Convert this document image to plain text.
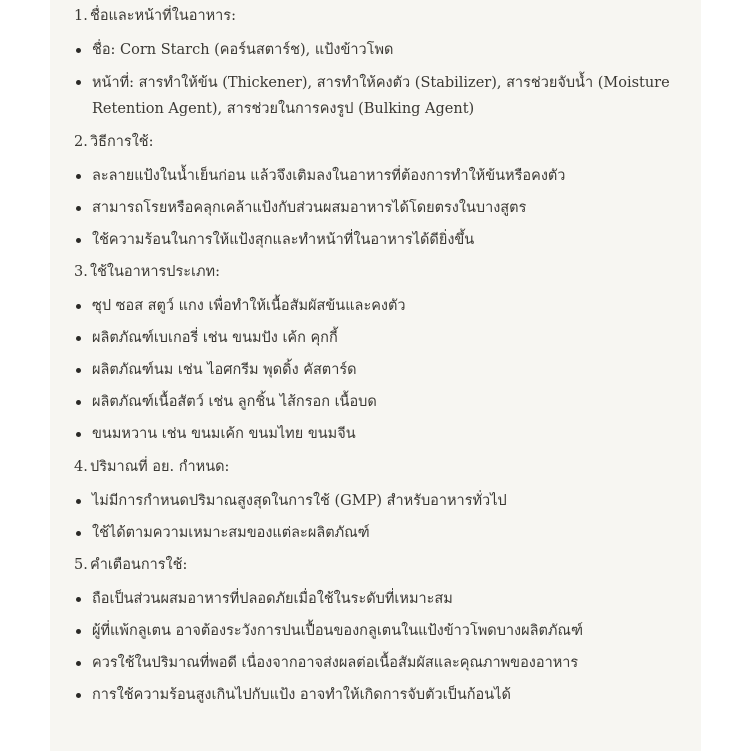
1. ชื่อและหน้าที่ในอาหาร:
ชื่อ: Corn Starch (คอร์นสตาร์ช), แป้งข้าวโพด
หน้าที่: สารทำให้ข้น (Thickener), สารทำให้คงตัว (Stabilizer), สารช่วยจับน้ำ (Moisture Retention Agent), สารช่วยในการคงรูป (Bulking Agent)
2. วิธีการใช้:
ละลายแป้งในน้ำเย็นก่อน แล้วจึงเติมลงในอาหารที่ต้องการทำให้ข้นหรือคงตัว
สามารถโรยหรือคลุกเคล้าแป้งกับส่วนผสมอาหารได้โดยตรงในบางสูตร
ใช้ความร้อนในการให้แป้งสุกและทำหน้าที่ในอาหารได้ดียิ่งขึ้น
3. ใช้ในอาหารประเภท:
ซุป ซอส สตูว์ แกง เพื่อทำให้เนื้อสัมผัสข้นและคงตัว
ผลิตภัณฑ์เบเกอรี่ เช่น ขนมปัง เค้ก คุกกี้
ผลิตภัณฑ์นม เช่น ไอศกรีม พุดดิ้ง คัสตาร์ด
ผลิตภัณฑ์เนื้อสัตว์ เช่น ลูกชิ้น ไส้กรอก เนื้อบด
ขนมหวาน เช่น ขนมเค้ก ขนมไทย ขนมจีน
4. ปริมาณที่ อย. กำหนด:
ไม่มีการกำหนดปริมาณสูงสุดในการใช้ (GMP) สำหรับอาหารทั่วไป
ใช้ได้ตามความเหมาะสมของแต่ละผลิตภัณฑ์
5. คำเตือนการใช้:
ถือเป็นส่วนผสมอาหารที่ปลอดภัยเมื่อใช้ในระดับที่เหมาะสม
ผู้ที่แพ้กลูเตน อาจต้องระวังการปนเปื้อนของกลูเตนในแป้งข้าวโพดบางผลิตภัณฑ์
ควรใช้ในปริมาณที่พอดี เนื่องจากอาจส่งผลต่อเนื้อสัมผัสและคุณภาพของอาหาร
การใช้ความร้อนสูงเกินไปกับแป้ง อาจทำให้เกิดการจับตัวเป็นก้อนได้
